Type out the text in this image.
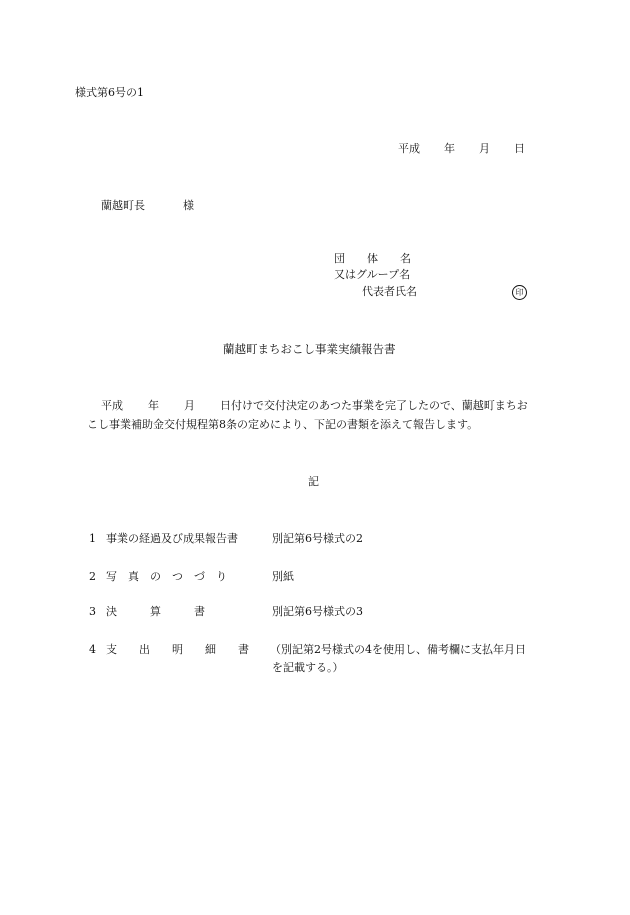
様式第6号の1
平成 年 月 日
蘭越町長	様
団　　体　　名
又はグループ名
代表者氏名	印
蘭越町まちおこし事業実績報告書
平成 年 月 日付けで交付決定のあつた事業を完了したので、蘭越町まちお
こし事業補助金交付規程第8条の定めにより、下記の書類を添えて報告します。
記
1 事業の経過及び成果報告書	別記第6号様式の2
2 写　真　の　つ　づ　り	別紙
3 決　　　算　　　書	別記第6号様式の3
4 支　　出　　明　　細　　書 （別記第2号様式の4を使用し、備考欄に支払年月日
を記載する。）
